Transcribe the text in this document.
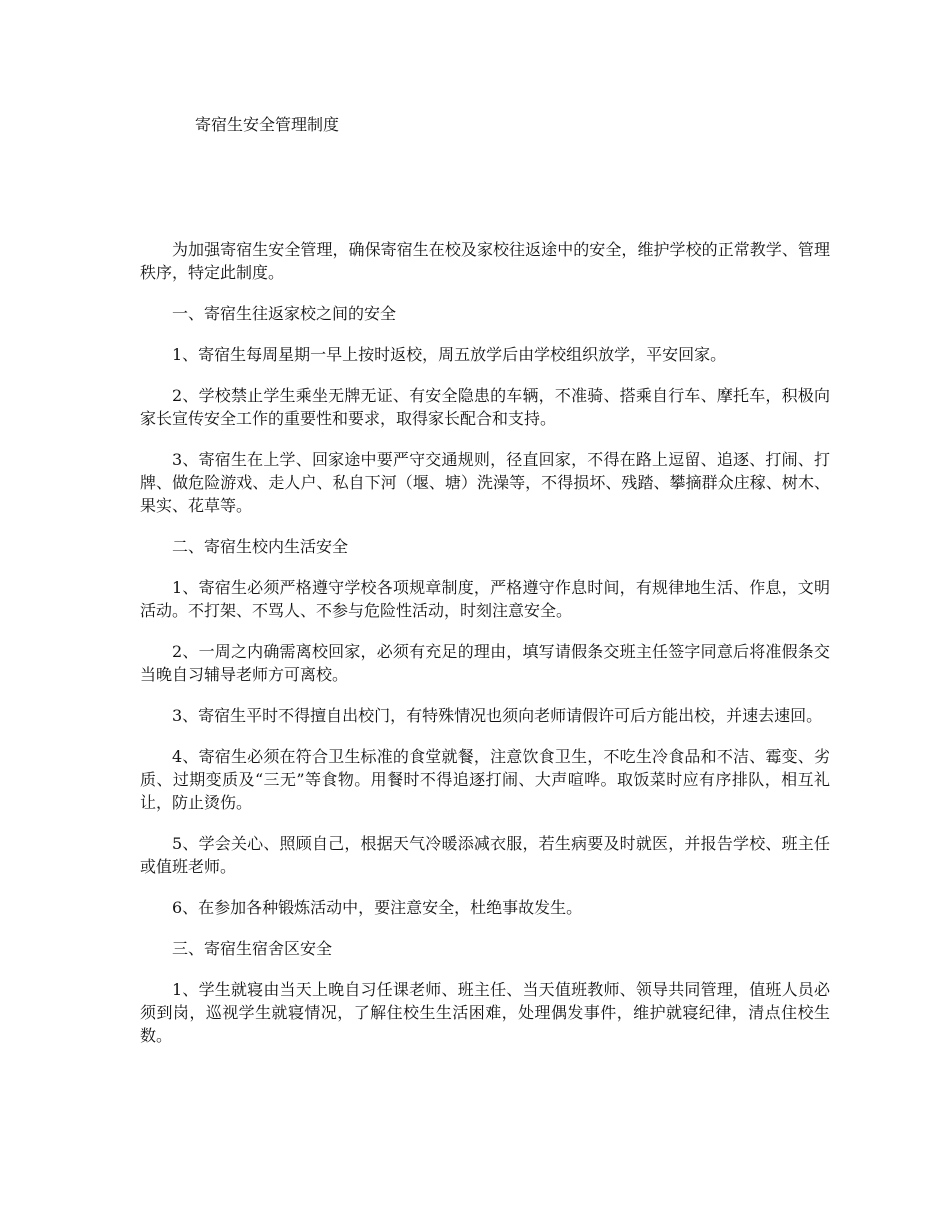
寄宿生安全管理制度

为加强寄宿生安全管理，确保寄宿生在校及家校往返途中的安全，维护学校的正常教学、管理秩序，特定此制度。

一、寄宿生往返家校之间的安全

1、寄宿生每周星期一早上按时返校，周五放学后由学校组织放学，平安回家。

2、学校禁止学生乘坐无牌无证、有安全隐患的车辆，不准骑、搭乘自行车、摩托车，积极向家长宣传安全工作的重要性和要求，取得家长配合和支持。

3、寄宿生在上学、回家途中要严守交通规则，径直回家，不得在路上逗留、追逐、打闹、打牌、做危险游戏、走人户、私自下河（堰、塘）洗澡等，不得损坏、残踏、攀摘群众庄稼、树木、果实、花草等。

二、寄宿生校内生活安全

1、寄宿生必须严格遵守学校各项规章制度，严格遵守作息时间，有规律地生活、作息，文明活动。不打架、不骂人、不参与危险性活动，时刻注意安全。

2、一周之内确需离校回家，必须有充足的理由，填写请假条交班主任签字同意后将准假条交当晚自习辅导老师方可离校。

3、寄宿生平时不得擅自出校门，有特殊情况也须向老师请假许可后方能出校，并速去速回。

4、寄宿生必须在符合卫生标准的食堂就餐，注意饮食卫生，不吃生冷食品和不洁、霉变、劣质、过期变质及“三无”等食物。用餐时不得追逐打闹、大声喧哗。取饭菜时应有序排队，相互礼让，防止烫伤。

5、学会关心、照顾自己，根据天气冷暖添减衣服，若生病要及时就医，并报告学校、班主任或值班老师。

6、在参加各种锻炼活动中，要注意安全，杜绝事故发生。

三、寄宿生宿舍区安全

1、学生就寝由当天上晚自习任课老师、班主任、当天值班教师、领导共同管理，值班人员必须到岗，巡视学生就寝情况，了解住校生生活困难，处理偶发事件，维护就寝纪律，清点住校生数。
